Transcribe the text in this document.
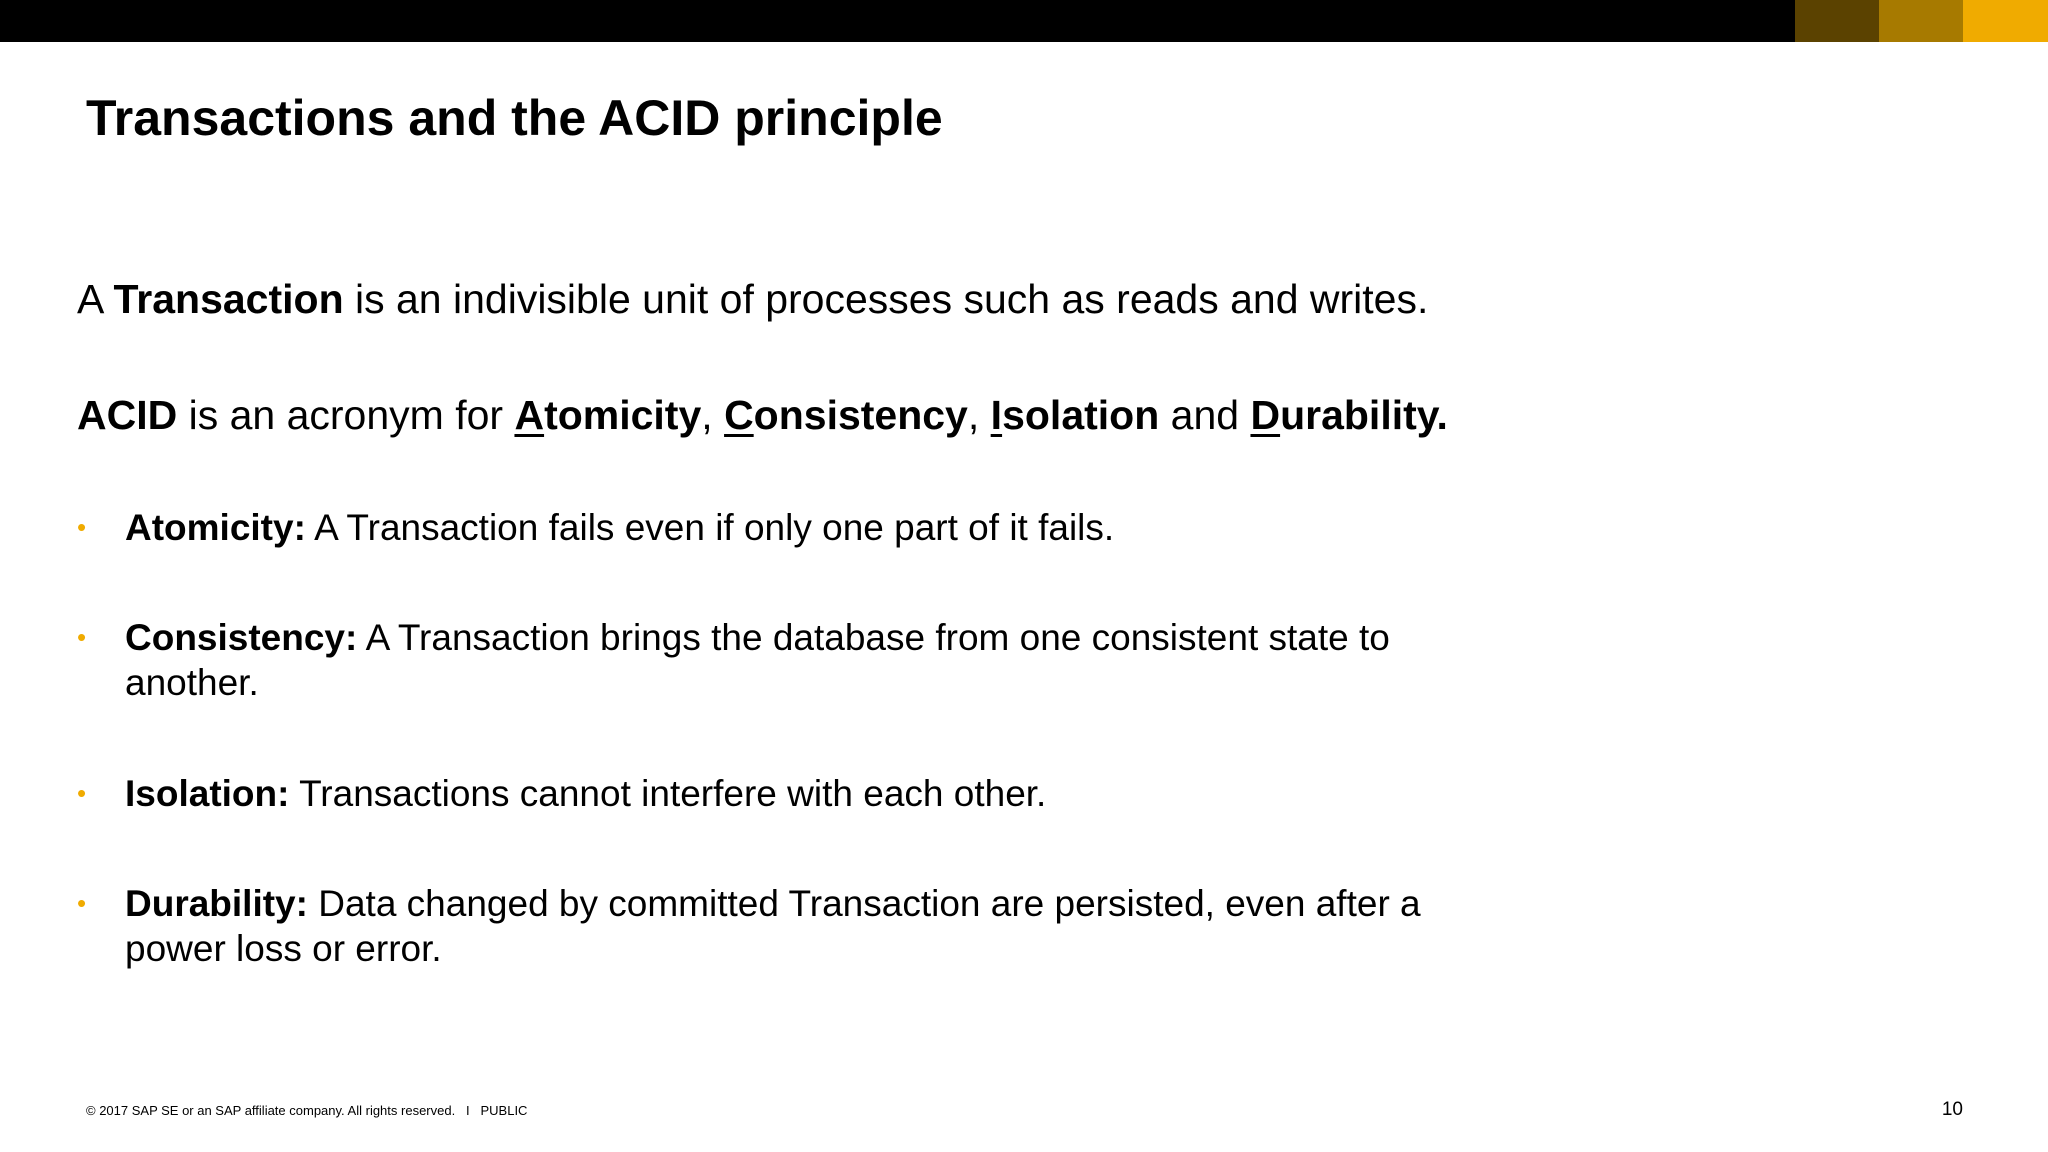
Transactions and the ACID principle

A Transaction is an indivisible unit of processes such as reads and writes.

ACID is an acronym for Atomicity, Consistency, Isolation and Durability.

• Atomicity: A Transaction fails even if only one part of it fails.
• Consistency: A Transaction brings the database from one consistent state to another.
• Isolation: Transactions cannot interfere with each other.
• Durability: Data changed by committed Transaction are persisted, even after a power loss or error.
© 2017 SAP SE or an SAP affiliate company. All rights reserved.   I   PUBLIC	10
